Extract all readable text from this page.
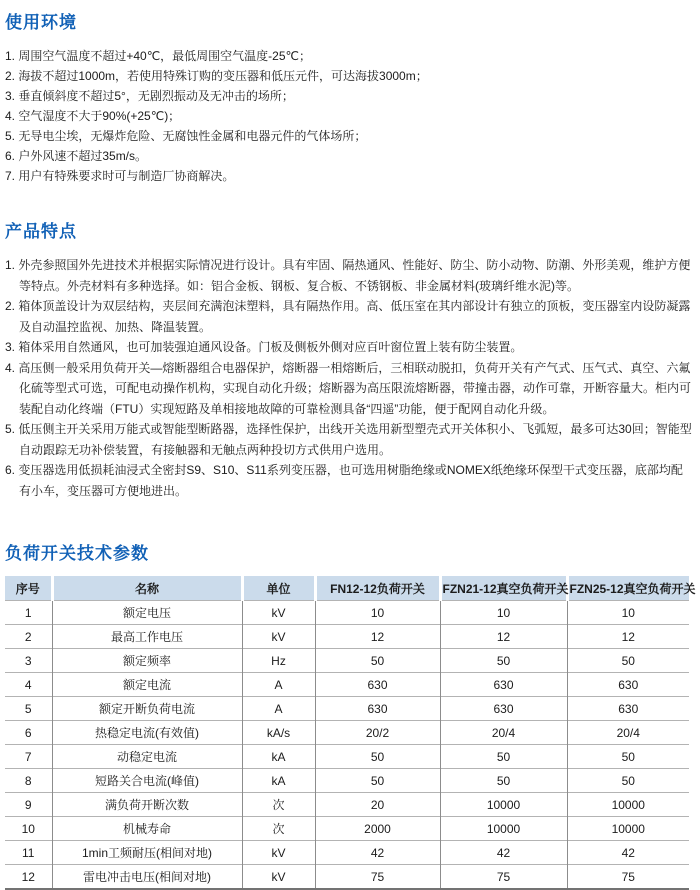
使用环境

1. 周围空气温度不超过+40℃，最低周围空气温度-25℃；

2. 海拔不超过1000m，若使用特殊订购的变压器和低压元件，可达海拔3000m；

3. 垂直倾斜度不超过5°，无剧烈振动及无冲击的场所；

4. 空气湿度不大于90%(+25℃)；

5. 无导电尘埃，无爆炸危险、无腐蚀性金属和电器元件的气体场所；

6. 户外风速不超过35m/s。

7. 用户有特殊要求时可与制造厂协商解决。

产品特点

1. 外壳参照国外先进技术并根据实际情况进行设计。具有牢固、隔热通风、性能好、防尘、防小动物、防潮、外形美观，维护方便等特点。外壳材料有多种选择。如：铝合金板、钢板、复合板、不锈钢板、非金属材料(玻璃纤维水泥)等。

2. 箱体顶盖设计为双层结构，夹层间充满泡沫塑料，具有隔热作用。高、低压室在其内部设计有独立的顶板，变压器室内设防凝露及自动温控监视、加热、降温装置。

3. 箱体采用自然通风，也可加装强迫通风设备。门板及侧板外侧对应百叶窗位置上装有防尘装置。

4. 高压侧一般采用负荷开关—熔断器组合电器保护，熔断器一相熔断后，三相联动脱扣，负荷开关有产气式、压气式、真空、六氟化硫等型式可选，可配电动操作机构，实现自动化升级；熔断器为高压限流熔断器，带撞击器，动作可靠，开断容量大。柜内可装配自动化终端（FTU）实现短路及单相接地故障的可靠检测具备“四遥”功能，便于配网自动化升级。

5. 低压侧主开关采用万能式或智能型断路器，选择性保护，出线开关选用新型塑壳式开关体积小、飞弧短，最多可达30回；智能型自动跟踪无功补偿装置，有接触器和无触点两种投切方式供用户选用。

6. 变压器选用低损耗油浸式全密封S9、S10、S11系列变压器，也可选用树脂绝缘或NOMEX纸绝缘环保型干式变压器，底部均配有小车，变压器可方便地进出。

负荷开关技术参数
序号	名称	单位	FN12-12负荷开关	FZN21-12真空负荷开关	FZN25-12真空负荷开关
1	额定电压	kV	10	10	10
2	最高工作电压	kV	12	12	12
3	额定频率	Hz	50	50	50
4	额定电流	A	630	630	630
5	额定开断负荷电流	A	630	630	630
6	热稳定电流(有效值)	kA/s	20/2	20/4	20/4
7	动稳定电流	kA	50	50	50
8	短路关合电流(峰值)	kA	50	50	50
9	满负荷开断次数	次	20	10000	10000
10	机械寿命	次	2000	10000	10000
11	1min工频耐压(相间对地)	kV	42	42	42
12	雷电冲击电压(相间对地)	kV	75	75	75
